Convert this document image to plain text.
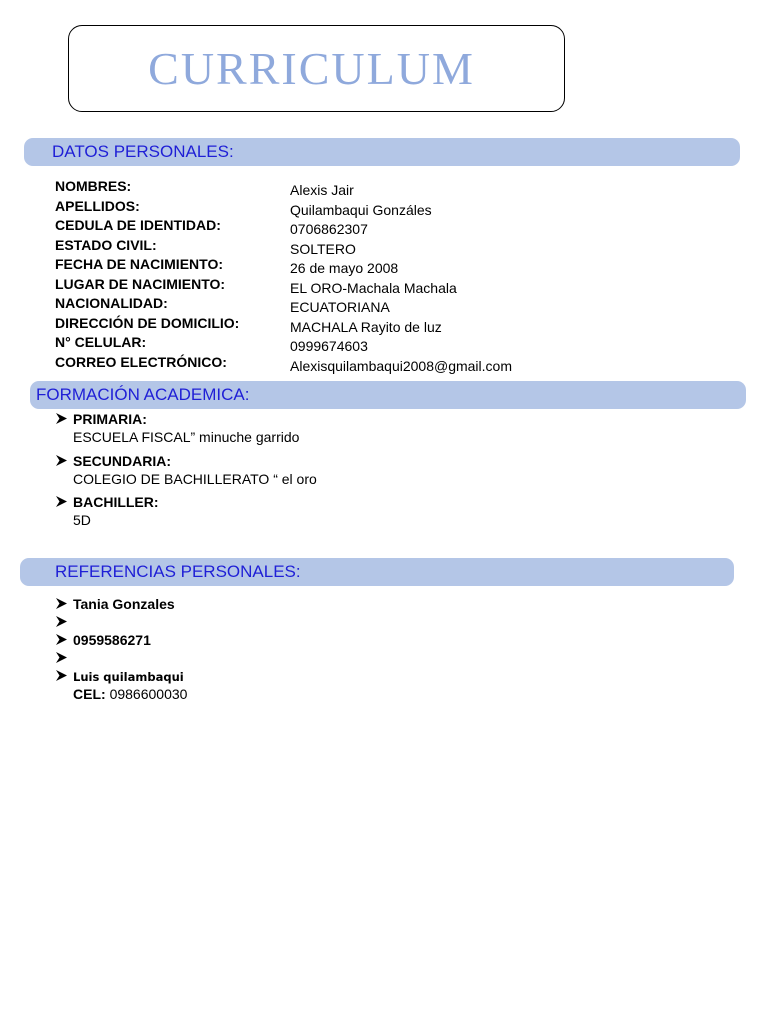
CURRICULUM
DATOS PERSONALES:
NOMBRES:	Alexis Jair
APELLIDOS:	Quilambaqui Gonzáles
CEDULA DE IDENTIDAD:	0706862307
ESTADO CIVIL:	SOLTERO
FECHA DE NACIMIENTO:	26 de mayo 2008
LUGAR DE NACIMIENTO:	EL ORO-Machala Machala
NACIONALIDAD:	ECUATORIANA
DIRECCIÓN DE DOMICILIO:	MACHALA Rayito de luz
N° CELULAR:	0999674603
CORREO ELECTRÓNICO:	Alexisquilambaqui2008@gmail.com
FORMACIÓN ACADEMICA:
PRIMARIA:
ESCUELA FISCAL” minuche garrido
SECUNDARIA:
COLEGIO DE BACHILLERATO “ el oro
BACHILLER:
5D
REFERENCIAS PERSONALES:
Tania Gonzales
0959586271
Luis quilambaqui
CEL: 0986600030
